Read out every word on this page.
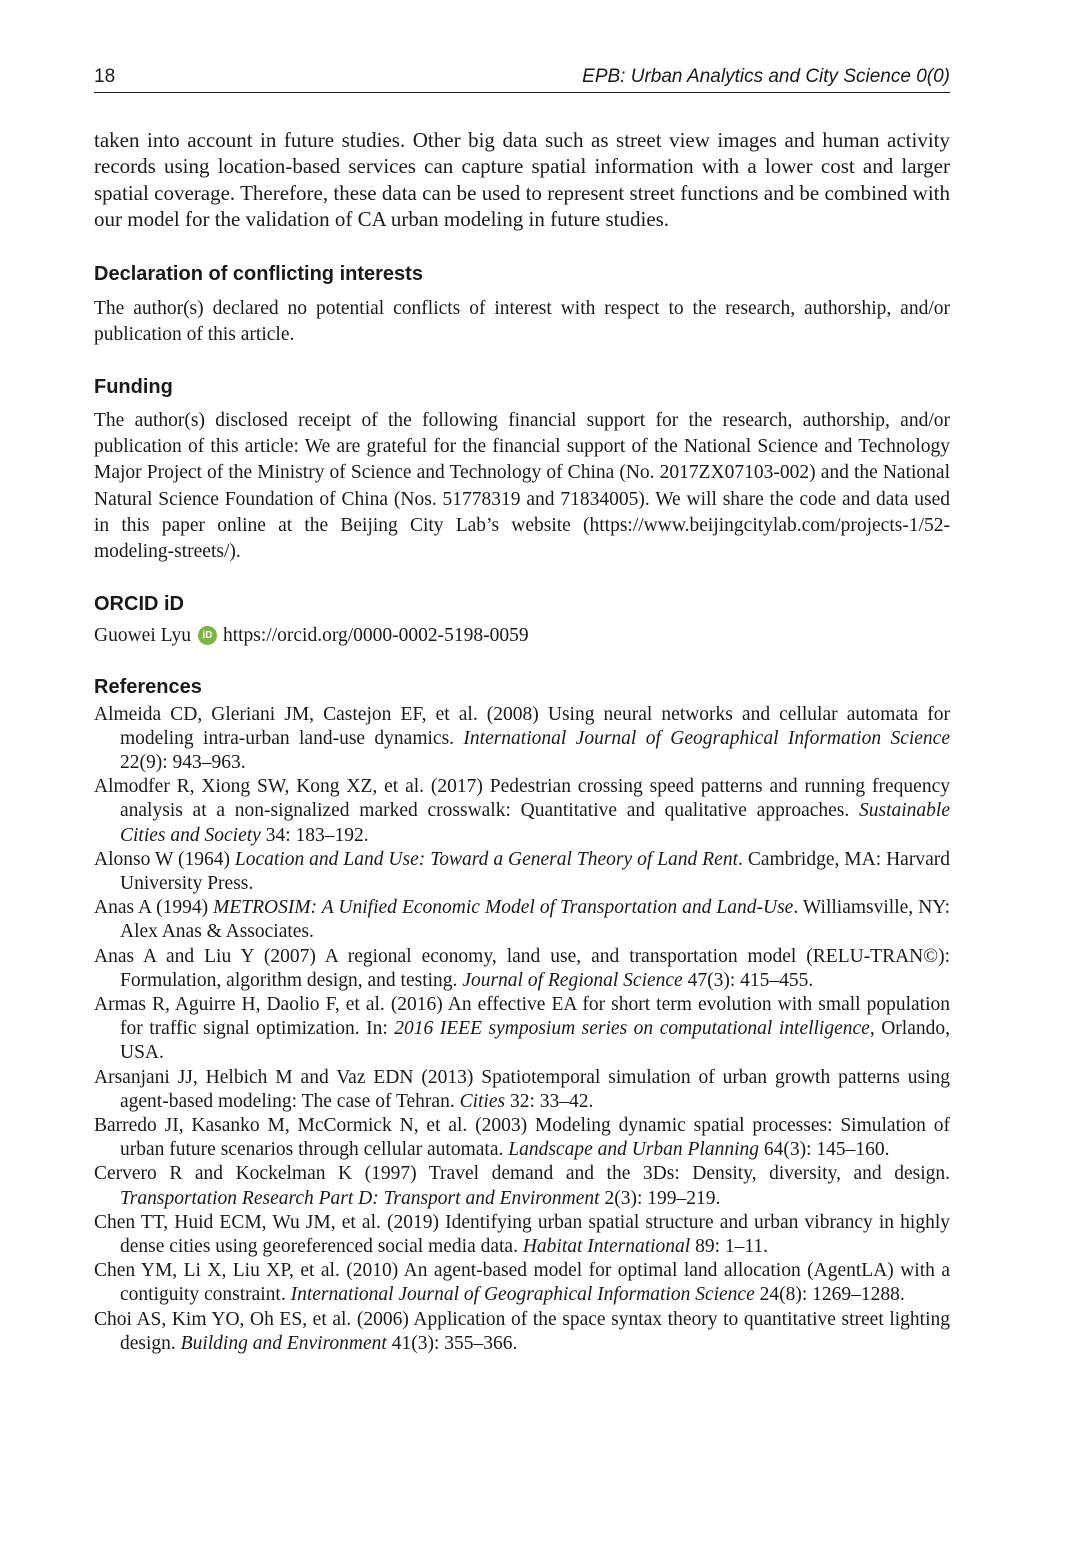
18	EPB: Urban Analytics and City Science 0(0)

taken into account in future studies. Other big data such as street view images and human activity records using location-based services can capture spatial information with a lower cost and larger spatial coverage. Therefore, these data can be used to represent street functions and be combined with our model for the validation of CA urban modeling in future studies.

Declaration of conflicting interests

The author(s) declared no potential conflicts of interest with respect to the research, authorship, and/or publication of this article.

Funding

The author(s) disclosed receipt of the following financial support for the research, authorship, and/or publication of this article: We are grateful for the financial support of the National Science and Technology Major Project of the Ministry of Science and Technology of China (No. 2017ZX07103-002) and the National Natural Science Foundation of China (Nos. 51778319 and 71834005). We will share the code and data used in this paper online at the Beijing City Lab’s website (https://www.beijingcitylab.com/projects-1/52-modeling-streets/).

ORCID iD
Guowei Lyu	iD https://orcid.org/0000-0002-5198-0059
References
Almeida CD, Gleriani JM, Castejon EF, et al. (2008) Using neural networks and cellular automata for modeling intra-urban land-use dynamics. International Journal of Geographical Information Science 22(9): 943–963.
Almodfer R, Xiong SW, Kong XZ, et al. (2017) Pedestrian crossing speed patterns and running frequency analysis at a non-signalized marked crosswalk: Quantitative and qualitative approaches. Sustainable Cities and Society 34: 183–192.
Alonso W (1964) Location and Land Use: Toward a General Theory of Land Rent. Cambridge, MA: Harvard University Press.
Anas A (1994) METROSIM: A Unified Economic Model of Transportation and Land-Use. Williamsville, NY: Alex Anas & Associates.
Anas A and Liu Y (2007) A regional economy, land use, and transportation model (RELU-TRAN©): Formulation, algorithm design, and testing. Journal of Regional Science 47(3): 415–455.
Armas R, Aguirre H, Daolio F, et al. (2016) An effective EA for short term evolution with small population for traffic signal optimization. In: 2016 IEEE symposium series on computational intelligence, Orlando, USA.
Arsanjani JJ, Helbich M and Vaz EDN (2013) Spatiotemporal simulation of urban growth patterns using agent-based modeling: The case of Tehran. Cities 32: 33–42.
Barredo JI, Kasanko M, McCormick N, et al. (2003) Modeling dynamic spatial processes: Simulation of urban future scenarios through cellular automata. Landscape and Urban Planning 64(3): 145–160.
Cervero R and Kockelman K (1997) Travel demand and the 3Ds: Density, diversity, and design. Transportation Research Part D: Transport and Environment 2(3): 199–219.
Chen TT, Huid ECM, Wu JM, et al. (2019) Identifying urban spatial structure and urban vibrancy in highly dense cities using georeferenced social media data. Habitat International 89: 1–11.
Chen YM, Li X, Liu XP, et al. (2010) An agent-based model for optimal land allocation (AgentLA) with a contiguity constraint. International Journal of Geographical Information Science 24(8): 1269–1288.
Choi AS, Kim YO, Oh ES, et al. (2006) Application of the space syntax theory to quantitative street lighting design. Building and Environment 41(3): 355–366.
